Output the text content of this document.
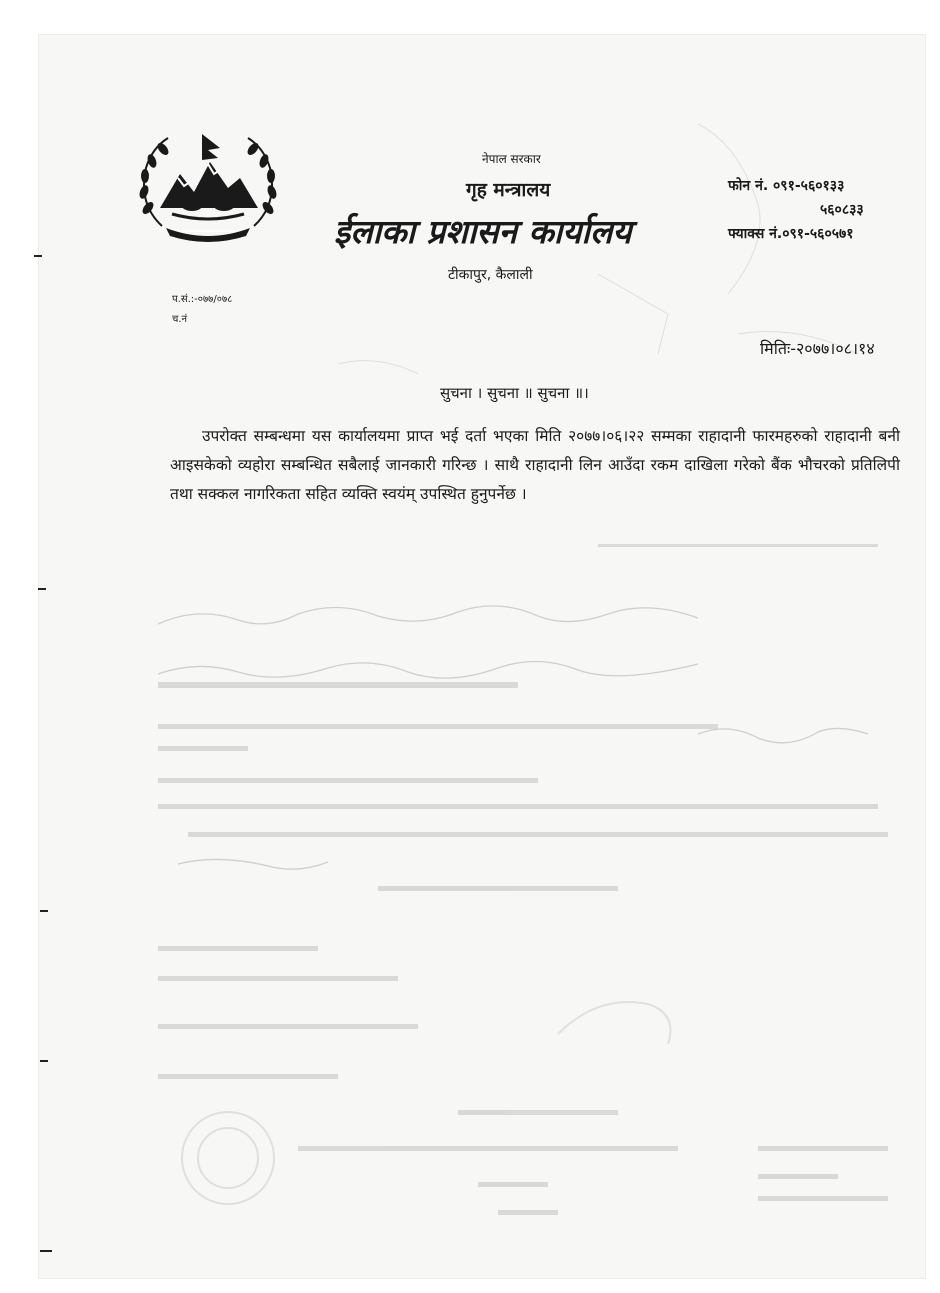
नेपाल सरकार
गृह मन्त्रालय
ईलाका प्रशासन कार्यालय
टीकापुर, कैलाली
फोन नं. ०९१-५६०१३३
५६०८३३
फ्याक्स नं.०९१-५६०५७१
प.सं.:-०७७/०७८
च.नं
मितिः-२०७७।०८।१४
सुचना । सुचना ॥ सुचना ॥।

उपरोक्त सम्बन्धमा यस कार्यालयमा प्राप्त भई दर्ता भएका मिति २०७७।०६।२२ सम्मका राहादानी फारमहरुको राहादानी बनी आइसकेको व्यहोरा सम्बन्धित सबैलाई जानकारी गरिन्छ । साथै राहादानी लिन आउँदा रकम दाखिला गरेको बैंक भौचरको प्रतिलिपी तथा सक्कल नागरिकता सहित व्यक्ति स्वयंम् उपस्थित हुनुपर्नेछ ।
